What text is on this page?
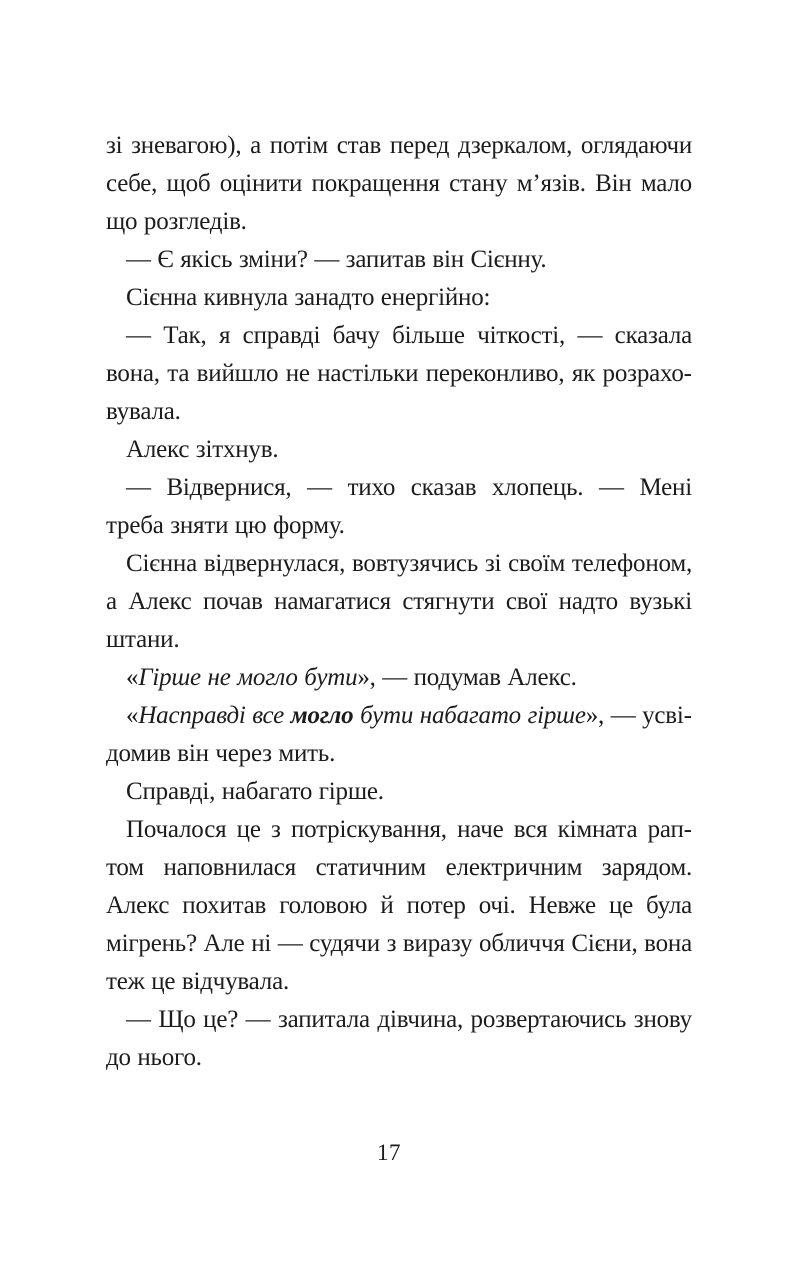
зі зневагою), а потім став перед дзеркалом, оглядаючи себе, щоб оцінити покращення стану м’язів. Він мало що розгледів.

— Є якісь зміни? — запитав він Сієнну.

Сієнна кивнула занадто енергійно:

— Так, я справді бачу більше чіткості, — сказала вона, та вийшло не настільки переконливо, як розраховувала.

Алекс зітхнув.

— Відвернися, — тихо сказав хлопець. — Мені треба зняти цю форму.

Сієнна відвернулася, вовтузячись зі своїм телефоном, а Алекс почав намагатися стягнути свої надто вузькі штани.

«Гірше не могло бути», — подумав Алекс.

«Насправді все могло бути набагато гірше», — усвідомив він через мить.

Справді, набагато гірше.

Почалося це з потріскування, наче вся кімната раптом наповнилася статичним електричним зарядом. Алекс похитав головою й потер очі. Невже це була мігрень? Але ні — судячи з виразу обличчя Сієни, вона теж це відчувала.

— Що це? — запитала дівчина, розвертаючись знову до нього.

17
